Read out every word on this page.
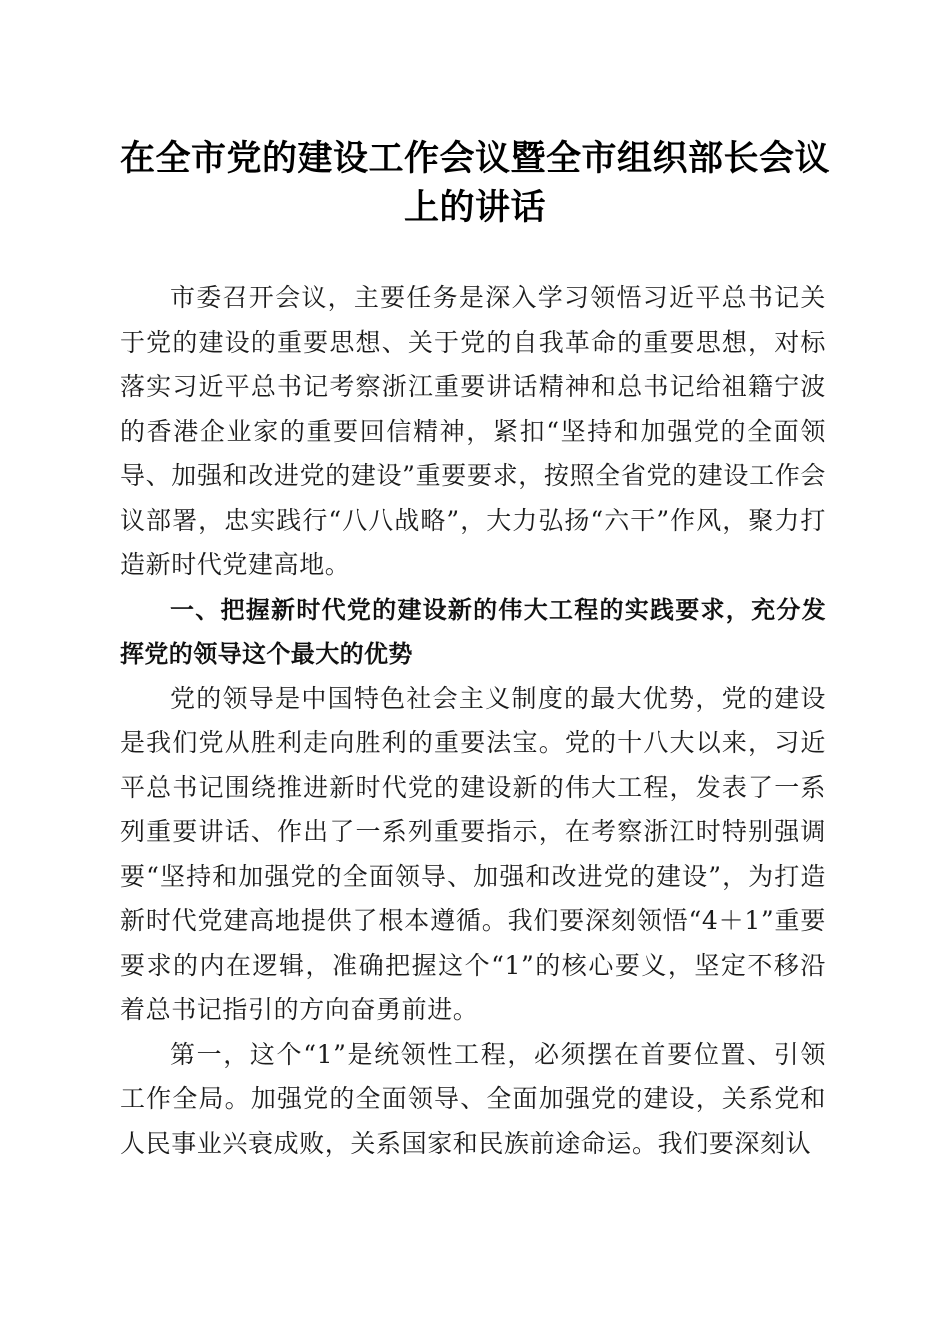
在全市党的建设工作会议暨全市组织部长会议上的讲话

市委召开会议，主要任务是深入学习领悟习近平总书记关于党的建设的重要思想、关于党的自我革命的重要思想，对标落实习近平总书记考察浙江重要讲话精神和总书记给祖籍宁波的香港企业家的重要回信精神，紧扣“坚持和加强党的全面领导、加强和改进党的建设”重要要求，按照全省党的建设工作会议部署，忠实践行“八八战略”，大力弘扬“六干”作风，聚力打造新时代党建高地。

一、把握新时代党的建设新的伟大工程的实践要求，充分发挥党的领导这个最大的优势

党的领导是中国特色社会主义制度的最大优势，党的建设是我们党从胜利走向胜利的重要法宝。党的十八大以来，习近平总书记围绕推进新时代党的建设新的伟大工程，发表了一系列重要讲话、作出了一系列重要指示，在考察浙江时特别强调要“坚持和加强党的全面领导、加强和改进党的建设”，为打造新时代党建高地提供了根本遵循。我们要深刻领悟“4＋1”重要要求的内在逻辑，准确把握这个“1”的核心要义，坚定不移沿着总书记指引的方向奋勇前进。

第一，这个“1”是统领性工程，必须摆在首要位置、引领工作全局。加强党的全面领导、全面加强党的建设，关系党和人民事业兴衰成败，关系国家和民族前途命运。我们要深刻认
